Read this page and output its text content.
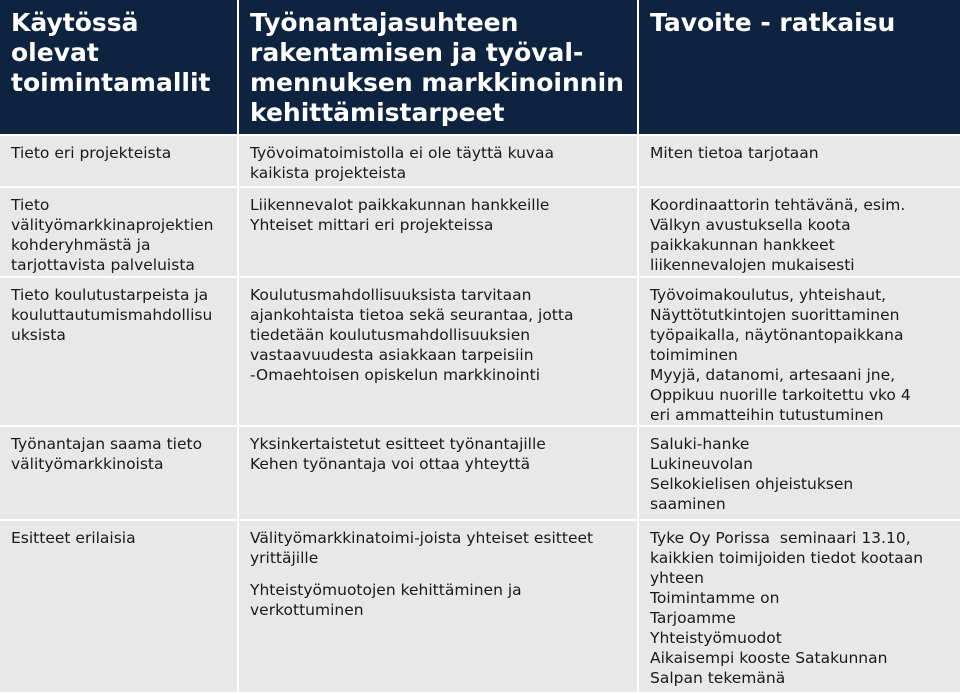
Käytössä
olevat
toimintamallit
Työnantajasuhteen
rakentamisen ja työval-
mennuksen markkinoinnin
kehittämistarpeet
Tavoite - ratkaisu
Tieto eri projekteista	Työvoimatoimistolla ei ole täyttä kuvaa
kaikista projekteista
Miten tietoa tarjotaan
Tieto
välityömarkkinaprojektien
kohderyhmästä ja
tarjottavista palveluista
Liikennevalot paikkakunnan hankkeille
Yhteiset mittari eri projekteissa
Koordinaattorin tehtävänä, esim.
Välkyn avustuksella koota
paikkakunnan hankkeet
liikennevalojen mukaisesti
Tieto koulutustarpeista ja
kouluttautumismahdollisu
uksista
Koulutusmahdollisuuksista tarvitaan
ajankohtaista tietoa sekä seurantaa, jotta
tiedetään koulutusmahdollisuuksien
vastaavuudesta asiakkaan tarpeisiin
-Omaehtoisen opiskelun markkinointi
Työvoimakoulutus, yhteishaut,
Näyttötutkintojen suorittaminen
työpaikalla, näytönantopaikkana
toimiminen
Myyjä, datanomi, artesaani jne,
Oppikuu nuorille tarkoitettu vko 4
eri ammatteihin tutustuminen
Työnantajan saama tieto
välityömarkkinoista
Yksinkertaistetut esitteet työnantajille
Kehen työnantaja voi ottaa yhteyttä
Saluki-hanke
Lukineuvolan
Selkokielisen ohjeistuksen
saaminen
Esitteet erilaisia	Välityömarkkinatoimi-joista yhteiset esitteet
yrittäjille
Yhteistyömuotojen kehittäminen ja
verkottuminen
Tyke Oy Porissa  seminaari 13.10,
kaikkien toimijoiden tiedot kootaan
yhteen
Toimintamme on
Tarjoamme
Yhteistyömuodot
Aikaisempi kooste Satakunnan
Salpan tekemänä
